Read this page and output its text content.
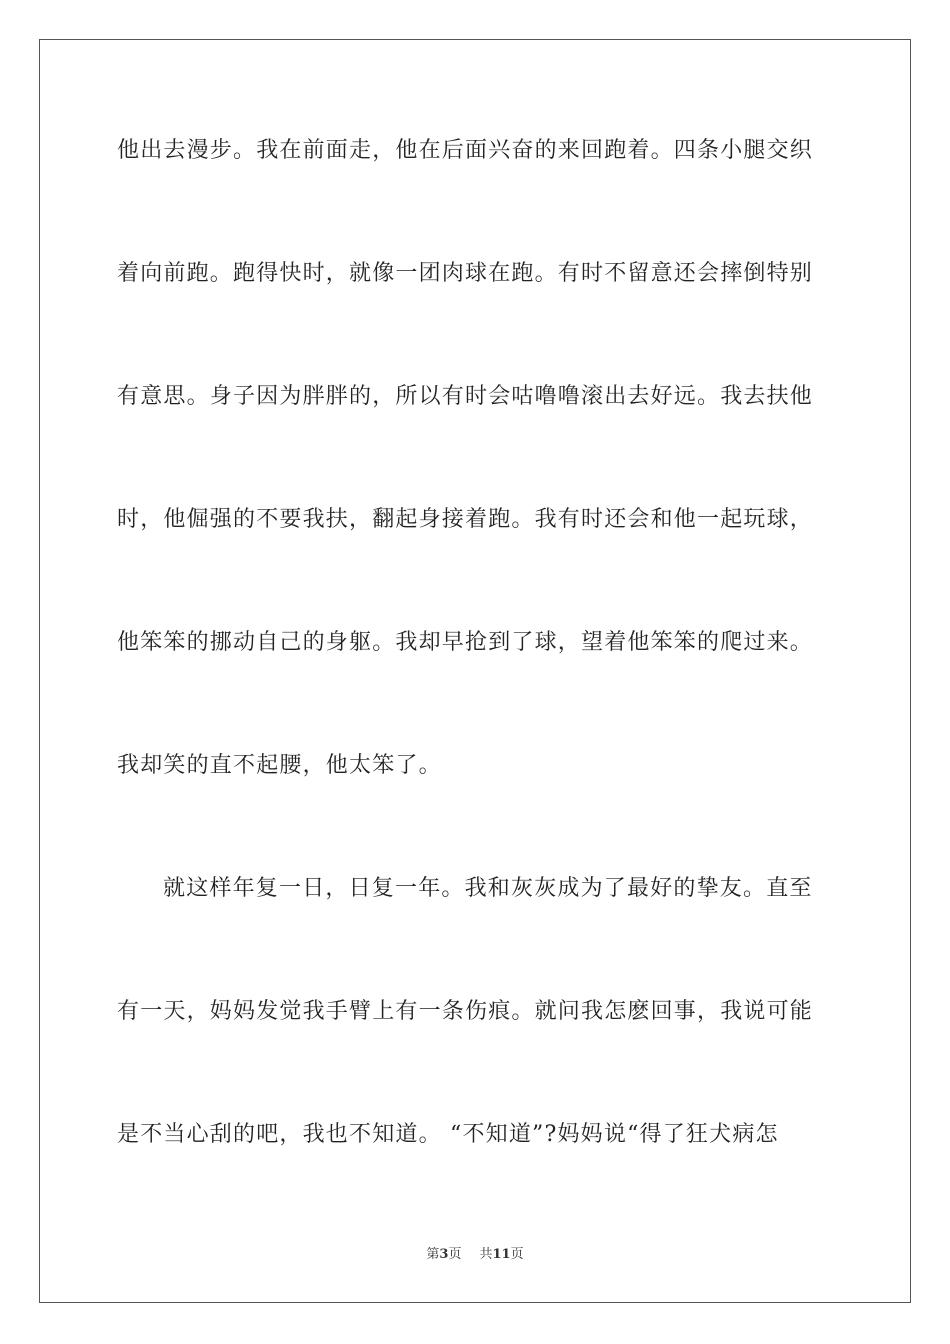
他出去漫步。我在前面走，他在后面兴奋的来回跑着。四条小腿交织
着向前跑。跑得快时，就像一团肉球在跑。有时不留意还会摔倒特别
有意思。身子因为胖胖的，所以有时会咕噜噜滚出去好远。我去扶他
时，他倔强的不要我扶，翻起身接着跑。我有时还会和他一起玩球，
他笨笨的挪动自己的身躯。我却早抢到了球，望着他笨笨的爬过来。
我却笑的直不起腰，他太笨了。
就这样年复一日，日复一年。我和灰灰成为了最好的挚友。直至
有一天，妈妈发觉我手臂上有一条伤痕。就问我怎麽回事，我说可能
是不当心刮的吧，我也不知道。 “不知道”?妈妈说“得了狂犬病怎
第3页 共11页
